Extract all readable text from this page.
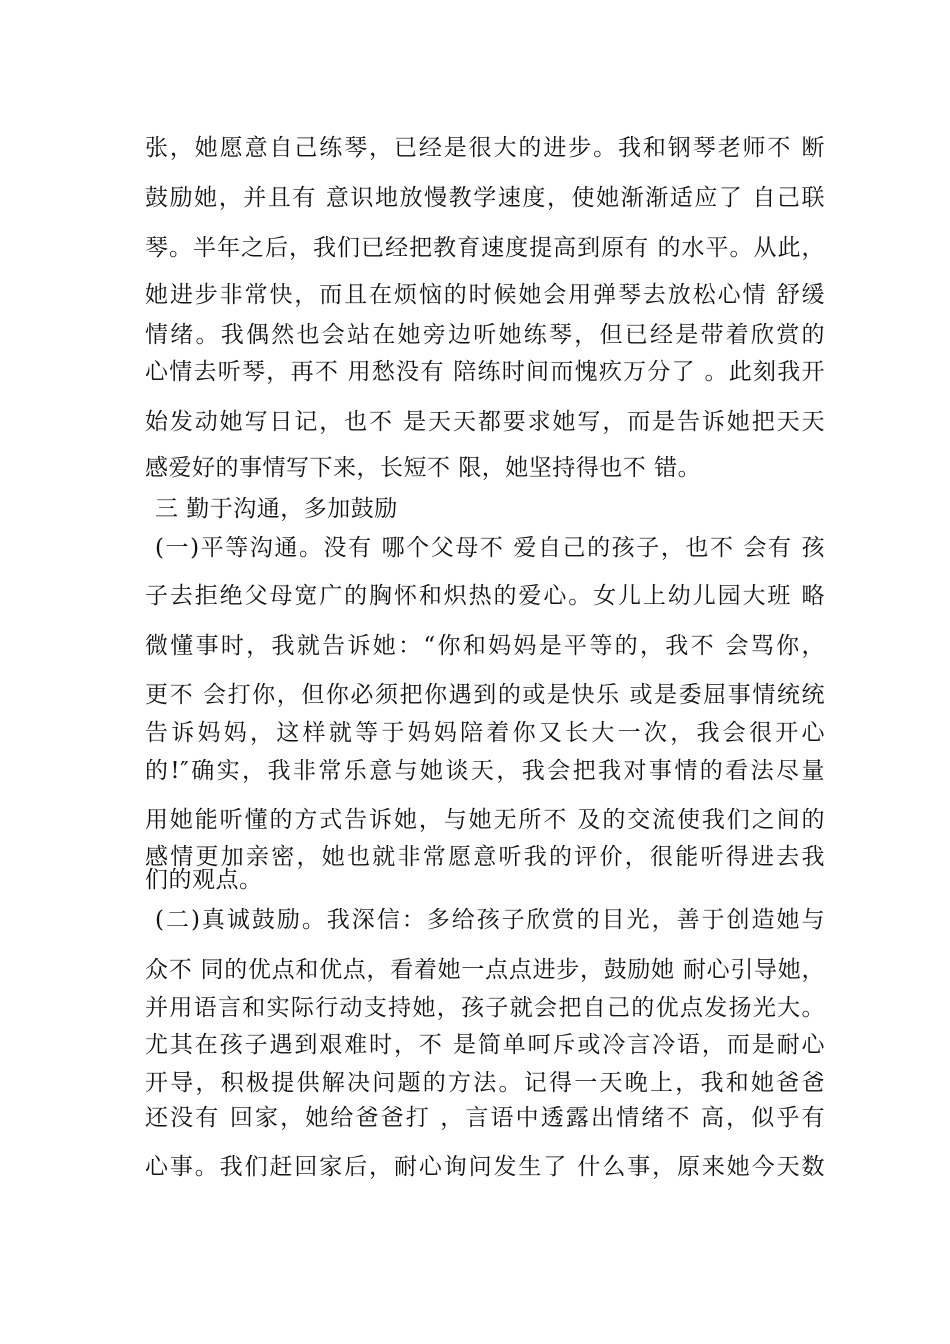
张，她愿意自己练琴，已经是很大的进步。我和钢琴老师不 断
鼓励她，并且有 意识地放慢教学速度，使她渐渐适应了 自己联
琴。半年之后，我们已经把教育速度提高到原有 的水平。从此，
她进步非常快，而且在烦恼的时候她会用弹琴去放松心情 舒缓
情绪。我偶然也会站在她旁边听她练琴，但已经是带着欣赏的
心情去听琴，再不 用愁没有 陪练时间而愧疚万分了 。此刻我开
始发动她写日记，也不 是天天都要求她写，而是告诉她把天天
感爱好的事情写下来，长短不 限，她坚持得也不 错。
三 勤于沟通，多加鼓励
(一)平等沟通。没有 哪个父母不 爱自己的孩子，也不 会有 孩
子去拒绝父母宽广的胸怀和炽热的爱心。女儿上幼儿园大班 略
微懂事时，我就告诉她：“你和妈妈是平等的，我不 会骂你，
更不 会打你，但你必须把你遇到的或是快乐 或是委屈事情统统
告诉妈妈，这样就等于妈妈陪着你又长大一次，我会很开心
的!″确实，我非常乐意与她谈天，我会把我对事情的看法尽量
用她能听懂的方式告诉她，与她无所不 及的交流使我们之间的
感情更加亲密，她也就非常愿意听我的评价，很能听得进去我
们的观点。
(二)真诚鼓励。我深信：多给孩子欣赏的目光，善于创造她与
众不 同的优点和优点，看着她一点点进步，鼓励她 耐心引导她，
并用语言和实际行动支持她，孩子就会把自己的优点发扬光大。
尤其在孩子遇到艰难时，不 是简单呵斥或冷言冷语，而是耐心
开导，积极提供解决问题的方法。记得一天晚上，我和她爸爸
还没有 回家，她给爸爸打 ，言语中透露出情绪不 高，似乎有
心事。我们赶回家后，耐心询问发生了 什么事，原来她今天数
